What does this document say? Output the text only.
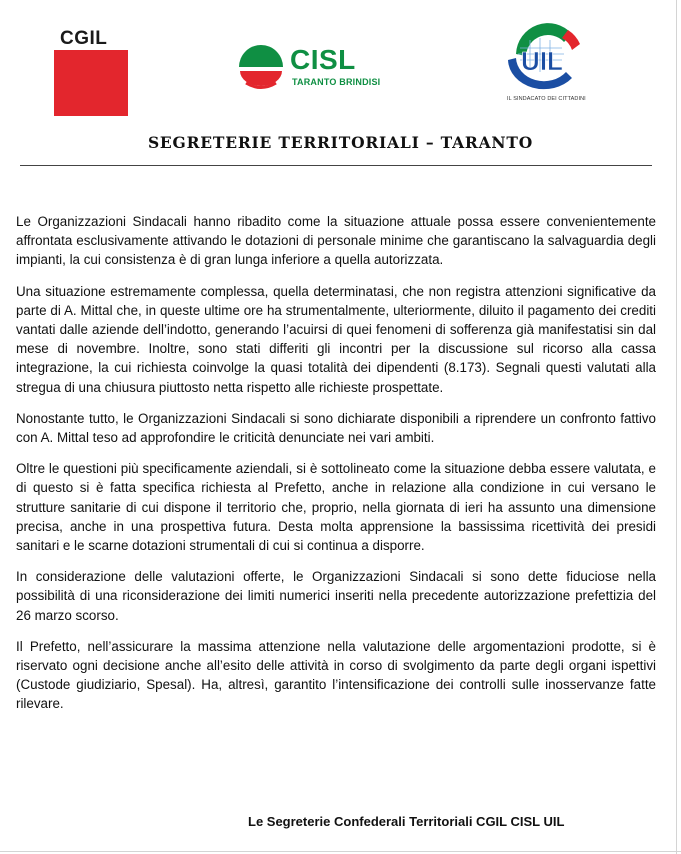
CGIL
CISL
TARANTO BRINDISI
UIL
IL SINDACATO DEI CITTADINI
SEGRETERIE TERRITORIALI – TARANTO

Le Organizzazioni Sindacali hanno ribadito come la situazione attuale possa essere convenientemente affrontata esclusivamente attivando le dotazioni di personale minime che garantiscano la salvaguardia degli impianti, la cui consistenza è di gran lunga inferiore a quella autorizzata.

Una situazione estremamente complessa, quella determinatasi, che non registra attenzioni significative da parte di A. Mittal che, in queste ultime ore ha strumentalmente, ulteriormente, diluito il pagamento dei crediti vantati dalle aziende dell’indotto, generando l’acuirsi di quei fenomeni di sofferenza già manifestatisi sin dal mese di novembre. Inoltre, sono stati differiti gli incontri per la discussione sul ricorso alla cassa integrazione, la cui richiesta coinvolge la quasi totalità dei dipendenti (8.173). Segnali questi valutati alla stregua di una chiusura piuttosto netta rispetto alle richieste prospettate.

Nonostante tutto, le Organizzazioni Sindacali si sono dichiarate disponibili a riprendere un confronto fattivo con A. Mittal teso ad approfondire le criticità denunciate nei vari ambiti.

Oltre le questioni più specificamente aziendali, si è sottolineato come la situazione debba essere valutata, e di questo si è fatta specifica richiesta al Prefetto, anche in relazione alla condizione in cui versano le strutture sanitarie di cui dispone il territorio che, proprio, nella giornata di ieri ha assunto una dimensione precisa, anche in una prospettiva futura. Desta molta apprensione la bassissima ricettività dei presidi sanitari e le scarne dotazioni strumentali di cui si continua a disporre.

In considerazione delle valutazioni offerte, le Organizzazioni Sindacali si sono dette fiduciose nella possibilità di una riconsiderazione dei limiti numerici inseriti nella precedente autorizzazione prefettizia del 26 marzo scorso.

Il Prefetto, nell’assicurare la massima attenzione nella valutazione delle argomentazioni prodotte, si è riservato ogni decisione anche all’esito delle attività in corso di svolgimento da parte degli organi ispettivi (Custode giudiziario, Spesal). Ha, altresì, garantito l’intensificazione dei controlli sulle inosservanze fatte rilevare.

Le Segreterie Confederali Territoriali CGIL CISL UIL
